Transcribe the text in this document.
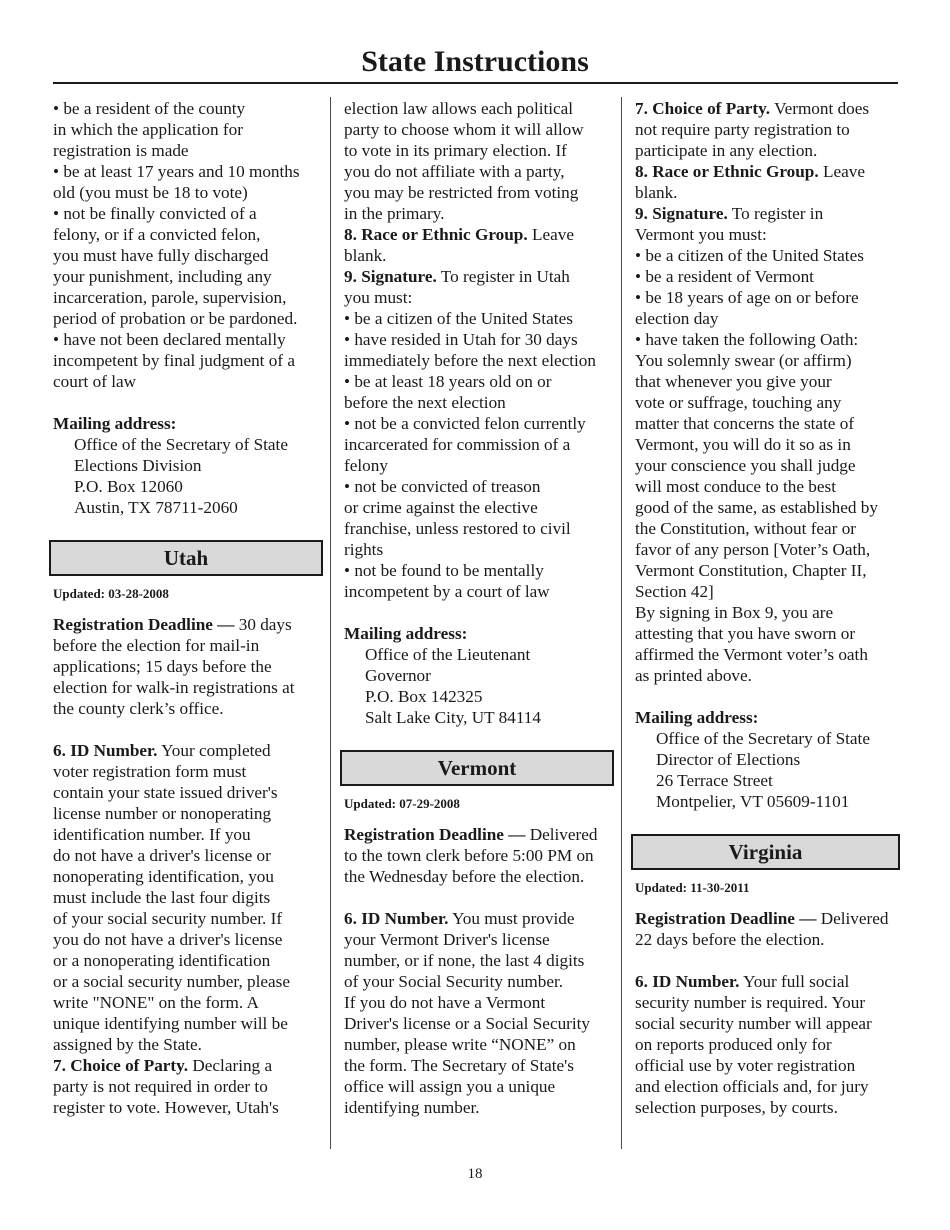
State Instructions
• be a resident of the county
in which the application for
registration is made
• be at least 17 years and 10 months
old (you must be 18 to vote)
• not be finally convicted of a
felony, or if a convicted felon,
you must have fully discharged
your punishment, including any
incarceration, parole, supervision,
period of probation or be pardoned.
• have not been declared mentally
incompetent by final judgment of a
court of law
Mailing address:
Office of the Secretary of State
Elections Division
P.O. Box 12060
Austin, TX 78711-2060
Utah
Updated: 03-28-2008
Registration Deadline — 30 days
before the election for mail-in
applications; 15 days before the
election for walk-in registrations at
the county clerk’s office.
6. ID Number. Your completed
voter registration form must
contain your state issued driver's
license number or nonoperating
identification number. If you
do not have a driver's license or
nonoperating identification, you
must include the last four digits
of your social security number. If
you do not have a driver's license
or a nonoperating identification
or a social security number, please
write "NONE" on the form. A
unique identifying number will be
assigned by the State.
7. Choice of Party. Declaring a
party is not required in order to
register to vote. However, Utah's
election law allows each political
party to choose whom it will allow
to vote in its primary election. If
you do not affiliate with a party,
you may be restricted from voting
in the primary.
8. Race or Ethnic Group. Leave
blank.
9. Signature. To register in Utah
you must:
• be a citizen of the United States
• have resided in Utah for 30 days
immediately before the next election
• be at least 18 years old on or
before the next election
• not be a convicted felon currently
incarcerated for commission of a
felony
• not be convicted of treason
or crime against the elective
franchise, unless restored to civil
rights
• not be found to be mentally
incompetent by a court of law
Mailing address:
Office of the Lieutenant
Governor
P.O. Box 142325
Salt Lake City, UT 84114
Vermont
Updated: 07-29-2008
Registration Deadline — Delivered
to the town clerk before 5:00 PM on
the Wednesday before the election.
6. ID Number. You must provide
your Vermont Driver's license
number, or if none, the last 4 digits
of your Social Security number.
If you do not have a Vermont
Driver's license or a Social Security
number, please write “NONE” on
the form. The Secretary of State's
office will assign you a unique
identifying number.
7. Choice of Party. Vermont does
not require party registration to
participate in any election.
8. Race or Ethnic Group. Leave
blank.
9. Signature. To register in
Vermont you must:
• be a citizen of the United States
• be a resident of Vermont
• be 18 years of age on or before
election day
• have taken the following Oath:
You solemnly swear (or affirm)
that whenever you give your
vote or suffrage, touching any
matter that concerns the state of
Vermont, you will do it so as in
your conscience you shall judge
will most conduce to the best
good of the same, as established by
the Constitution, without fear or
favor of any person [Voter’s Oath,
Vermont Constitution, Chapter II,
Section 42]
By signing in Box 9, you are
attesting that you have sworn or
affirmed the Vermont voter’s oath
as printed above.
Mailing address:
Office of the Secretary of State
Director of Elections
26 Terrace Street
Montpelier, VT 05609-1101
Virginia
Updated: 11-30-2011
Registration Deadline — Delivered
22 days before the election.
6. ID Number. Your full social
security number is required. Your
social security number will appear
on reports produced only for
official use by voter registration
and election officials and, for jury
selection purposes, by courts.
18
